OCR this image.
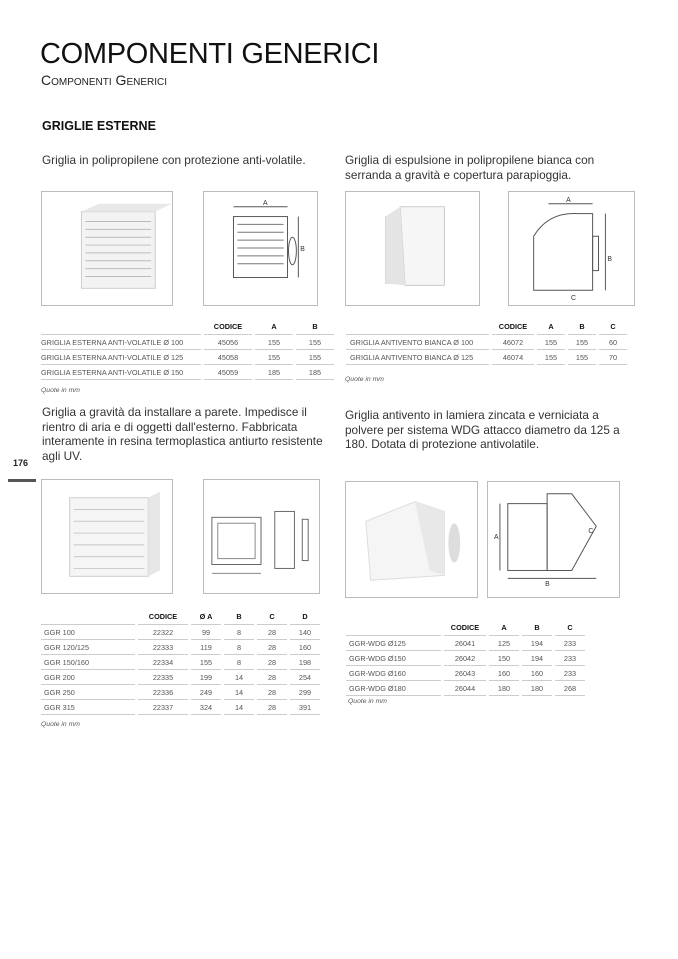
COMPONENTI GENERICI
Componenti Generici
GRIGLIE ESTERNE
Griglia in polipropilene con protezione anti-volatile.	Griglia di espulsione in polipropilene bianca con serranda a gravità e copertura parapioggia.
Griglia a gravità da installare a parete. Impedisce il rientro di aria e di oggetti dall'esterno. Fabbricata interamente in resina termoplastica antiurto resistente agli UV.
Griglia antivento in lamiera zincata e verniciata a polvere per sistema WDG attacco diametro da 125 a 180. Dotata di protezione antivolatile.
176
A
B
A
B
C
	CODICE	A	B
GRIGLIA ESTERNA ANTI-VOLATILE Ø 100	45056	155	155
GRIGLIA ESTERNA ANTI-VOLATILE Ø 125	45058	155	155
GRIGLIA ESTERNA ANTI-VOLATILE Ø 150	45059	185	185
Quote in mm
	CODICE	A	B	C
GRIGLIA ANTIVENTO BIANCA Ø 100	46072	155	155	60
GRIGLIA ANTIVENTO BIANCA Ø 125	46074	155	155	70
Quote in mm
A
B
C
	CODICE	Ø A	B	C	D
GGR 100	22322	99	8	28	140
GGR 120/125	22333	119	8	28	160
GGR 150/160	22334	155	8	28	198
GGR 200	22335	199	14	28	254
GGR 250	22336	249	14	28	299
GGR 315	22337	324	14	28	391
Quote in mm
	CODICE	A	B	C
GGR-WDG Ø125	26041	125	194	233
GGR-WDG Ø150	26042	150	194	233
GGR-WDG Ø160	26043	160	160	233
GGR-WDG Ø180	26044	180	180	268
Quote in mm
